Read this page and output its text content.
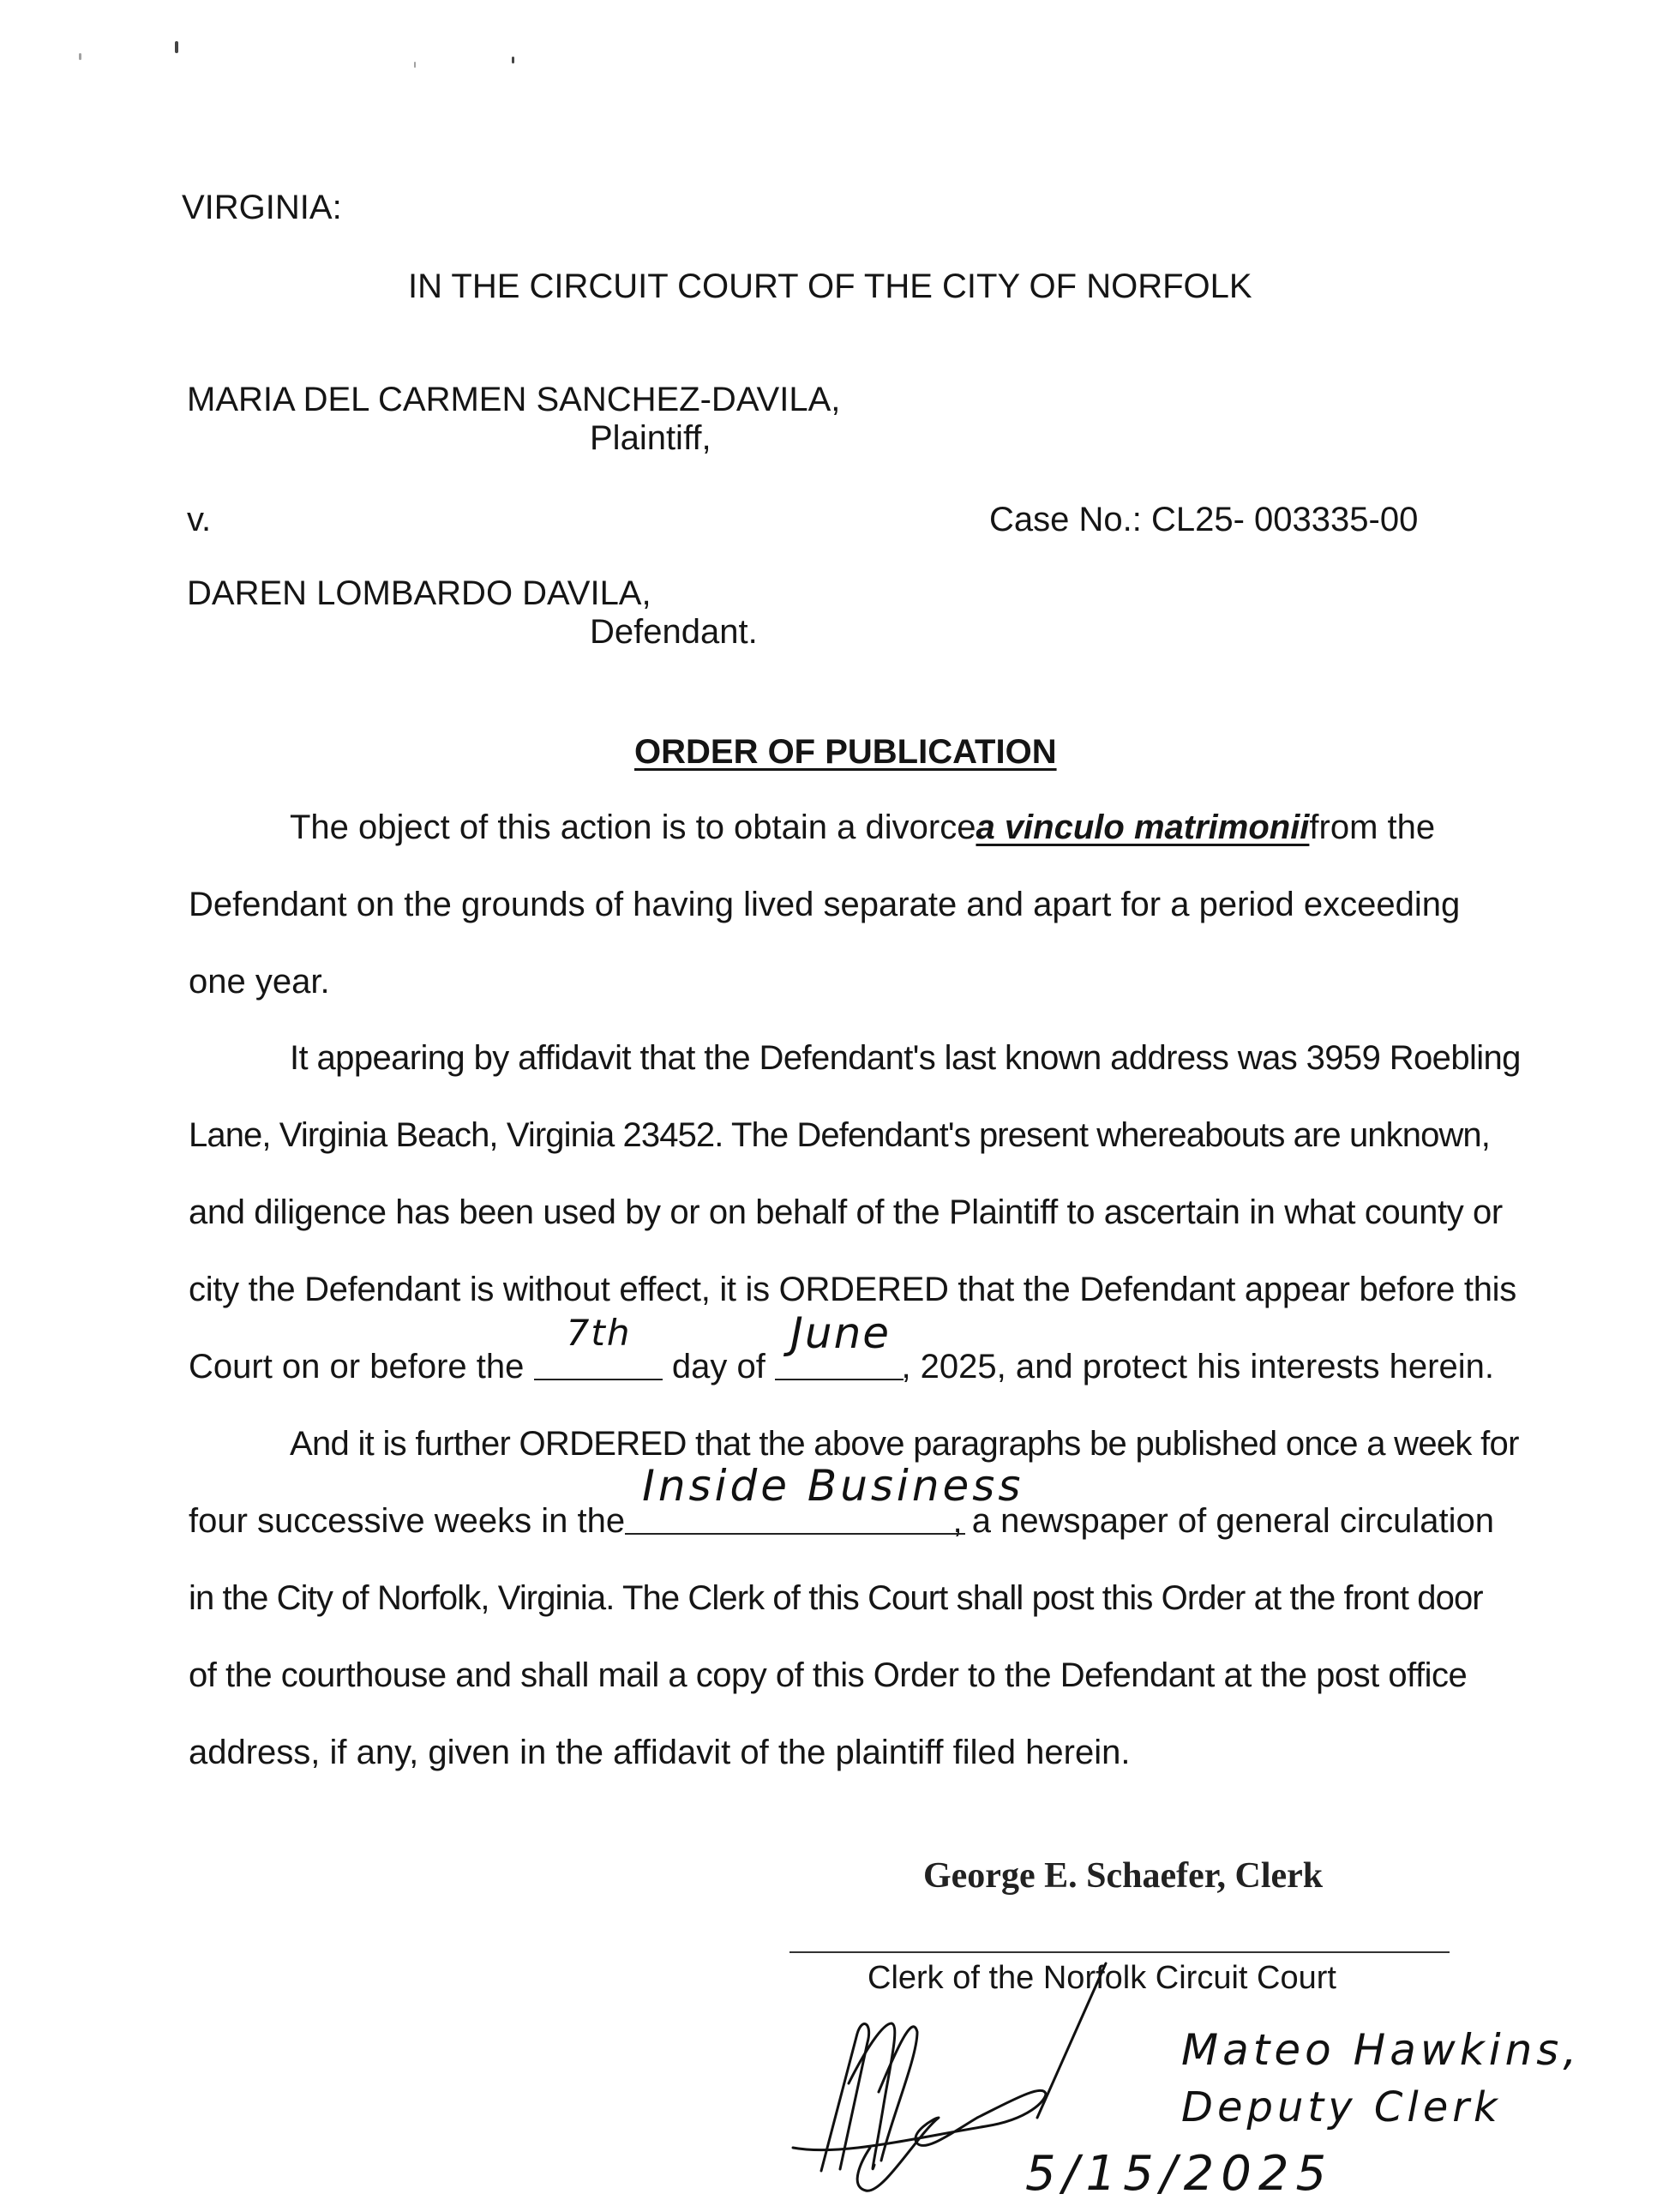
VIRGINIA:
IN THE CIRCUIT COURT OF THE CITY OF NORFOLK
MARIA DEL CARMEN SANCHEZ-DAVILA,
Plaintiff,
v.	Case No.: CL25- 003335-00
DAREN LOMBARDO DAVILA,
Defendant.
ORDER OF PUBLICATION
The object of this action is to obtain a divorce a vinculo matrimonii from the
Defendant on the grounds of having lived separate and apart for a period exceeding
one year.
It appearing by affidavit that the Defendant's last known address was 3959 Roebling
Lane, Virginia Beach, Virginia 23452. The Defendant's present whereabouts are unknown,
and diligence has been used by or on behalf of the Plaintiff to ascertain in what county or
city the Defendant is without effect, it is ORDERED that the Defendant appear before this
Court on or before the
7th
day of
June
, 2025, and protect his interests herein.
And it is further ORDERED that the above paragraphs be published once a week for
four successive weeks in the
Inside Business
, a newspaper of general circulation
in the City of Norfolk, Virginia. The Clerk of this Court shall post this Order at the front door
of the courthouse and shall mail a copy of this Order to the Defendant at the post office
address, if any, given in the affidavit of the plaintiff filed herein.
George E. Schaefer, Clerk
Clerk of the Norfolk Circuit Court
Mateo Hawkins,
Deputy Clerk
5/15/2025
